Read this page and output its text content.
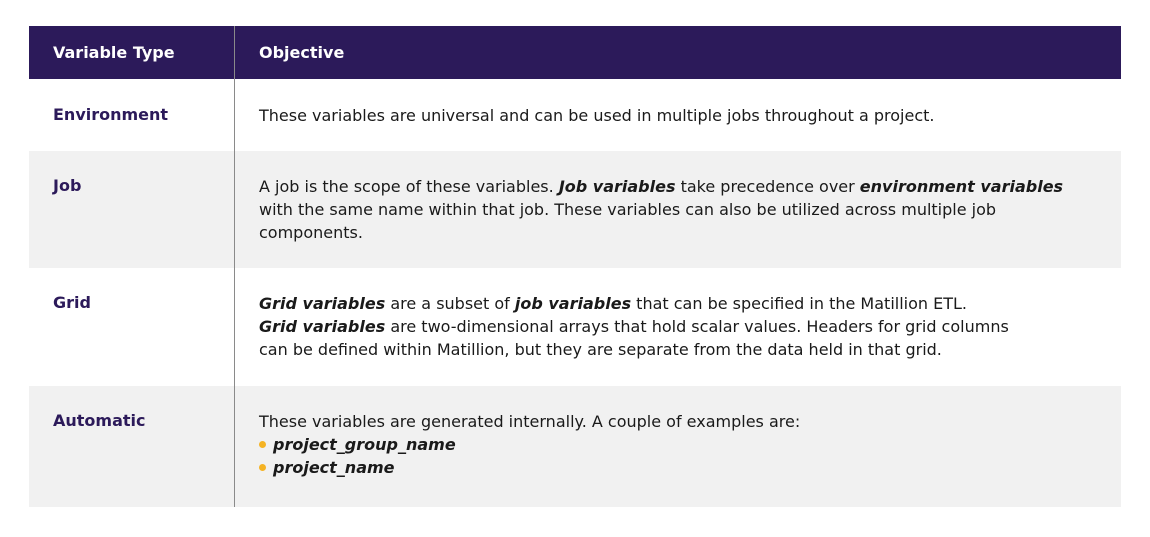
Variable Type	Objective
Environment	These variables are universal and can be used in multiple jobs throughout a project.
Job	A job is the scope of these variables. Job variables take precedence over environment variables
with the same name within that job. These variables can also be utilized across multiple job
components.
Grid	Grid variables are a subset of job variables that can be specified in the Matillion ETL.
Grid variables are two-dimensional arrays that hold scalar values. Headers for grid columns
can be defined within Matillion, but they are separate from the data held in that grid.
Automatic	These variables are generated internally. A couple of examples are:
project_group_name
project_name
